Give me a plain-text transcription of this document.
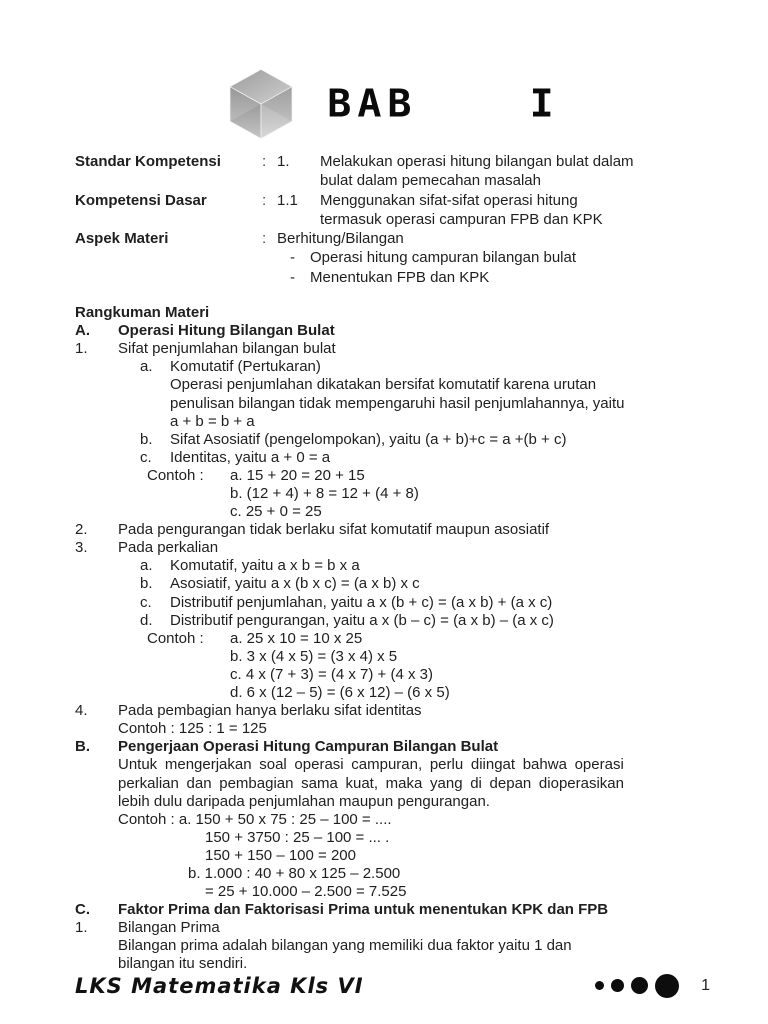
BAB  I
Standar Kompetensi	: 1.	Melakukan operasi hitung bilangan bulat dalam
bulat dalam pemecahan masalah
Kompetensi Dasar	: 1.1	Menggunakan sifat-sifat operasi hitung
termasuk operasi campuran FPB dan KPK
Aspek Materi	: Berhitung/Bilangan
-	Operasi hitung campuran bilangan bulat
-	Menentukan FPB dan KPK
Rangkuman Materi
A. Operasi Hitung Bilangan Bulat
1. Sifat penjumlahan bilangan bulat
a. Komutatif (Pertukaran)
Operasi penjumlahan dikatakan bersifat komutatif karena urutan
penulisan bilangan tidak mempengaruhi hasil penjumlahannya, yaitu
a + b = b + a
b. Sifat Asosiatif (pengelompokan), yaitu (a + b)+c = a +(b + c)
c. Identitas, yaitu a + 0 = a
Contoh : a. 15 + 20 = 20 + 15
b. (12 + 4) + 8 = 12 + (4 + 8)
c. 25 + 0 = 25
2. Pada pengurangan tidak berlaku sifat komutatif maupun asosiatif
3. Pada perkalian
a. Komutatif, yaitu a x b = b x a
b. Asosiatif, yaitu a x (b x c) = (a x b) x c
c. Distributif penjumlahan, yaitu a x (b + c) = (a x b) + (a x c)
d. Distributif pengurangan, yaitu a x (b – c) = (a x b) – (a x c)
Contoh : a. 25 x 10 = 10 x 25
b. 3 x (4 x 5) = (3 x 4) x 5
c. 4 x (7 + 3) = (4 x 7) + (4 x 3)
d. 6 x (12 – 5) = (6 x 12) – (6 x 5)
4. Pada pembagian hanya berlaku sifat identitas
Contoh : 125 : 1 = 125
B. Pengerjaan Operasi Hitung Campuran Bilangan Bulat
Untuk mengerjakan soal operasi campuran, perlu diingat bahwa operasi
perkalian dan pembagian sama kuat, maka yang di depan dioperasikan
lebih dulu daripada penjumlahan maupun pengurangan.
Contoh : a. 150 + 50 x 75 : 25 – 100 = ....
150 + 3750 : 25 – 100 = ... .
150 + 150 – 100 = 200
b. 1.000 : 40 + 80 x 125 – 2.500
= 25 + 10.000 – 2.500 = 7.525
C. Faktor Prima dan Faktorisasi Prima untuk menentukan KPK dan FPB
1. Bilangan Prima
Bilangan prima adalah bilangan yang memiliki dua faktor yaitu 1 dan
bilangan itu sendiri.
LKS Matematika Kls VI	1
